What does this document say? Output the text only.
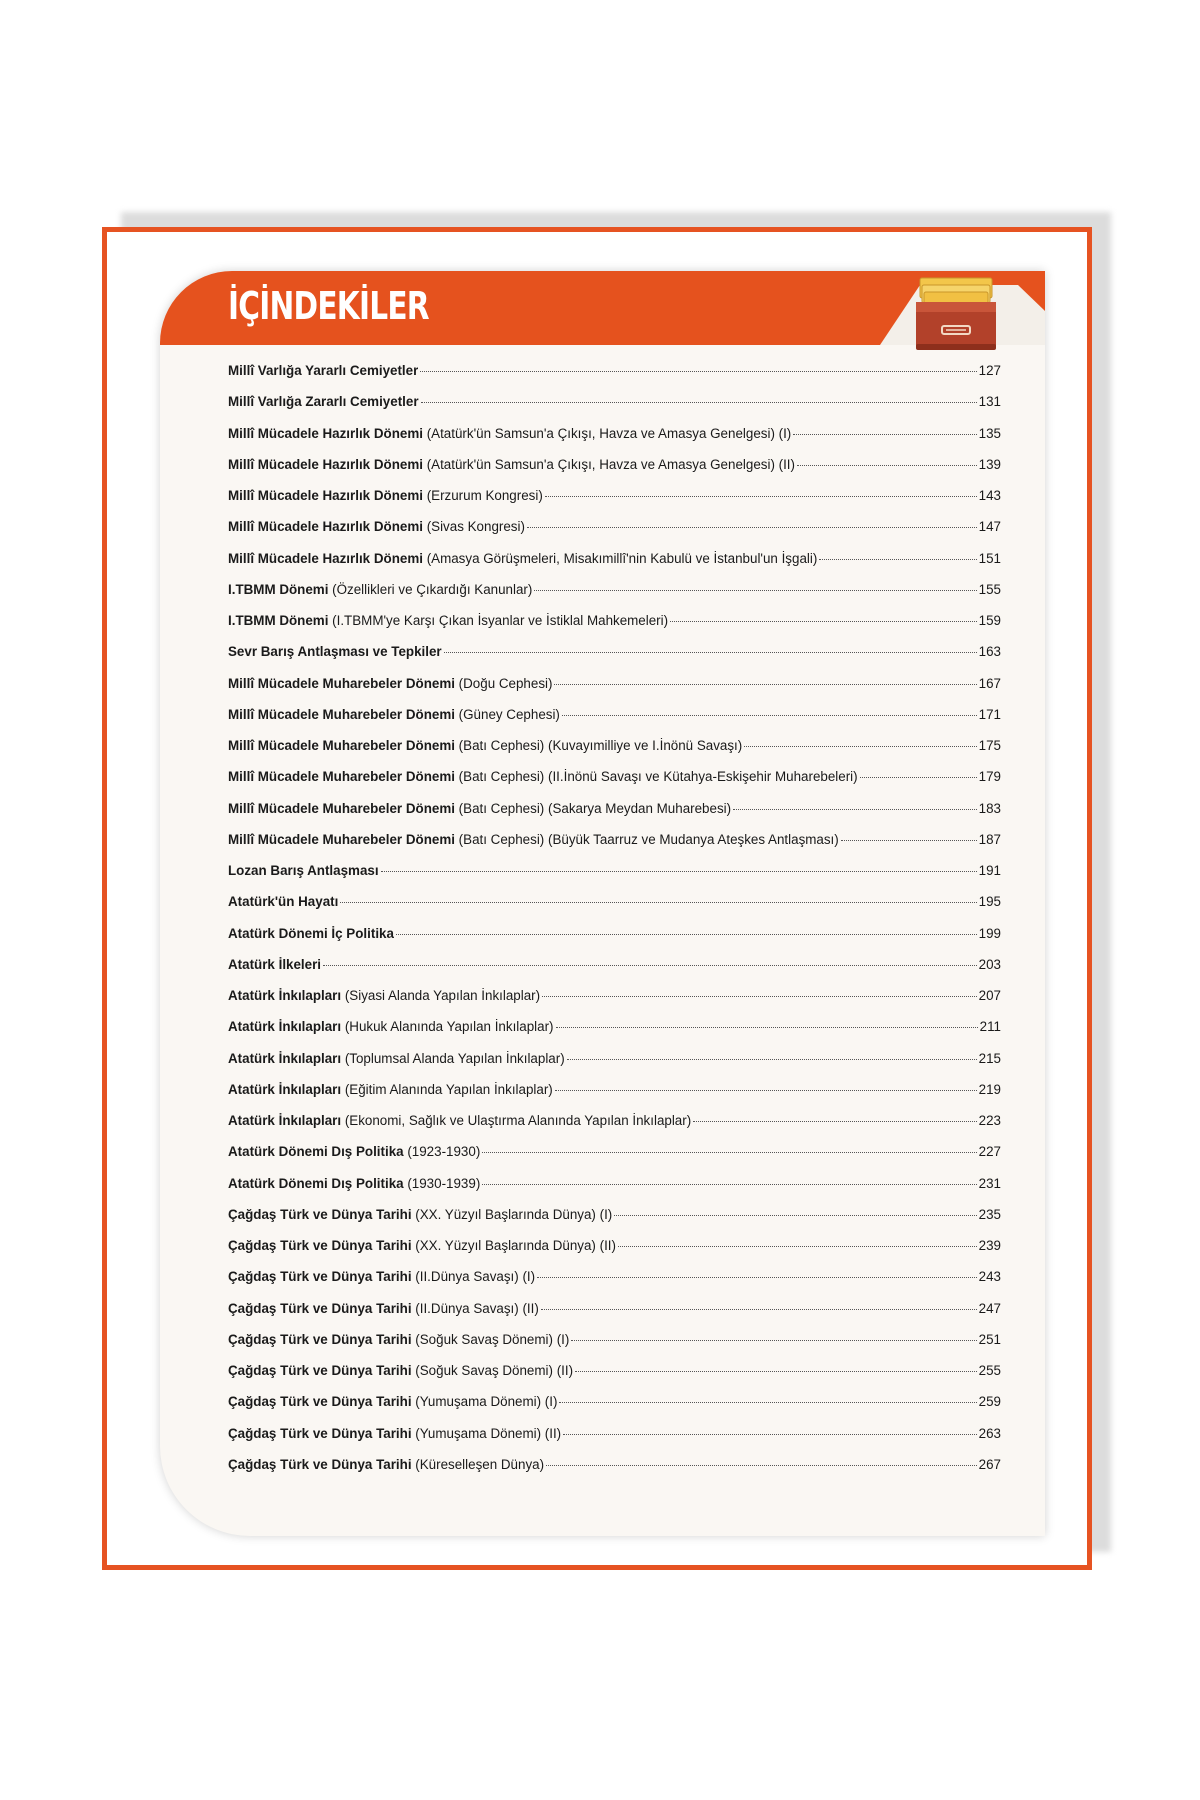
İÇİNDEKİLER
Millî Varlığa Yararlı Cemiyetler	127
Millî Varlığa Zararlı Cemiyetler	131
Millî Mücadele Hazırlık Dönemi (Atatürk'ün Samsun'a Çıkışı, Havza ve Amasya Genelgesi) (I)	135
Millî Mücadele Hazırlık Dönemi (Atatürk'ün Samsun'a Çıkışı, Havza ve Amasya Genelgesi) (II)	139
Millî Mücadele Hazırlık Dönemi (Erzurum Kongresi)	143
Millî Mücadele Hazırlık Dönemi (Sivas Kongresi)	147
Millî Mücadele Hazırlık Dönemi (Amasya Görüşmeleri, Misakımillî'nin Kabulü ve İstanbul'un İşgali)	151
I.TBMM Dönemi (Özellikleri ve Çıkardığı Kanunlar)	155
I.TBMM Dönemi (I.TBMM'ye Karşı Çıkan İsyanlar ve İstiklal Mahkemeleri)	159
Sevr Barış Antlaşması ve Tepkiler	163
Millî Mücadele Muharebeler Dönemi (Doğu Cephesi)	167
Millî Mücadele Muharebeler Dönemi (Güney Cephesi)	171
Millî Mücadele Muharebeler Dönemi (Batı Cephesi) (Kuvayımilliye ve I.İnönü Savaşı)	175
Millî Mücadele Muharebeler Dönemi (Batı Cephesi) (II.İnönü Savaşı ve Kütahya-Eskişehir Muharebeleri)	179
Millî Mücadele Muharebeler Dönemi (Batı Cephesi) (Sakarya Meydan Muharebesi)	183
Millî Mücadele Muharebeler Dönemi (Batı Cephesi) (Büyük Taarruz ve Mudanya Ateşkes Antlaşması)	187
Lozan Barış Antlaşması	191
Atatürk'ün Hayatı	195
Atatürk Dönemi İç Politika	199
Atatürk İlkeleri	203
Atatürk İnkılapları (Siyasi Alanda Yapılan İnkılaplar)	207
Atatürk İnkılapları (Hukuk Alanında Yapılan İnkılaplar)	211
Atatürk İnkılapları (Toplumsal Alanda Yapılan İnkılaplar)	215
Atatürk İnkılapları (Eğitim Alanında Yapılan İnkılaplar)	219
Atatürk İnkılapları (Ekonomi, Sağlık ve Ulaştırma Alanında Yapılan İnkılaplar)	223
Atatürk Dönemi Dış Politika (1923-1930)	227
Atatürk Dönemi Dış Politika (1930-1939)	231
Çağdaş Türk ve Dünya Tarihi (XX. Yüzyıl Başlarında Dünya) (I)	235
Çağdaş Türk ve Dünya Tarihi (XX. Yüzyıl Başlarında Dünya) (II)	239
Çağdaş Türk ve Dünya Tarihi (II.Dünya Savaşı) (I)	243
Çağdaş Türk ve Dünya Tarihi (II.Dünya Savaşı) (II)	247
Çağdaş Türk ve Dünya Tarihi (Soğuk Savaş Dönemi) (I)	251
Çağdaş Türk ve Dünya Tarihi (Soğuk Savaş Dönemi) (II)	255
Çağdaş Türk ve Dünya Tarihi (Yumuşama Dönemi) (I)	259
Çağdaş Türk ve Dünya Tarihi (Yumuşama Dönemi) (II)	263
Çağdaş Türk ve Dünya Tarihi (Küreselleşen Dünya)	267
